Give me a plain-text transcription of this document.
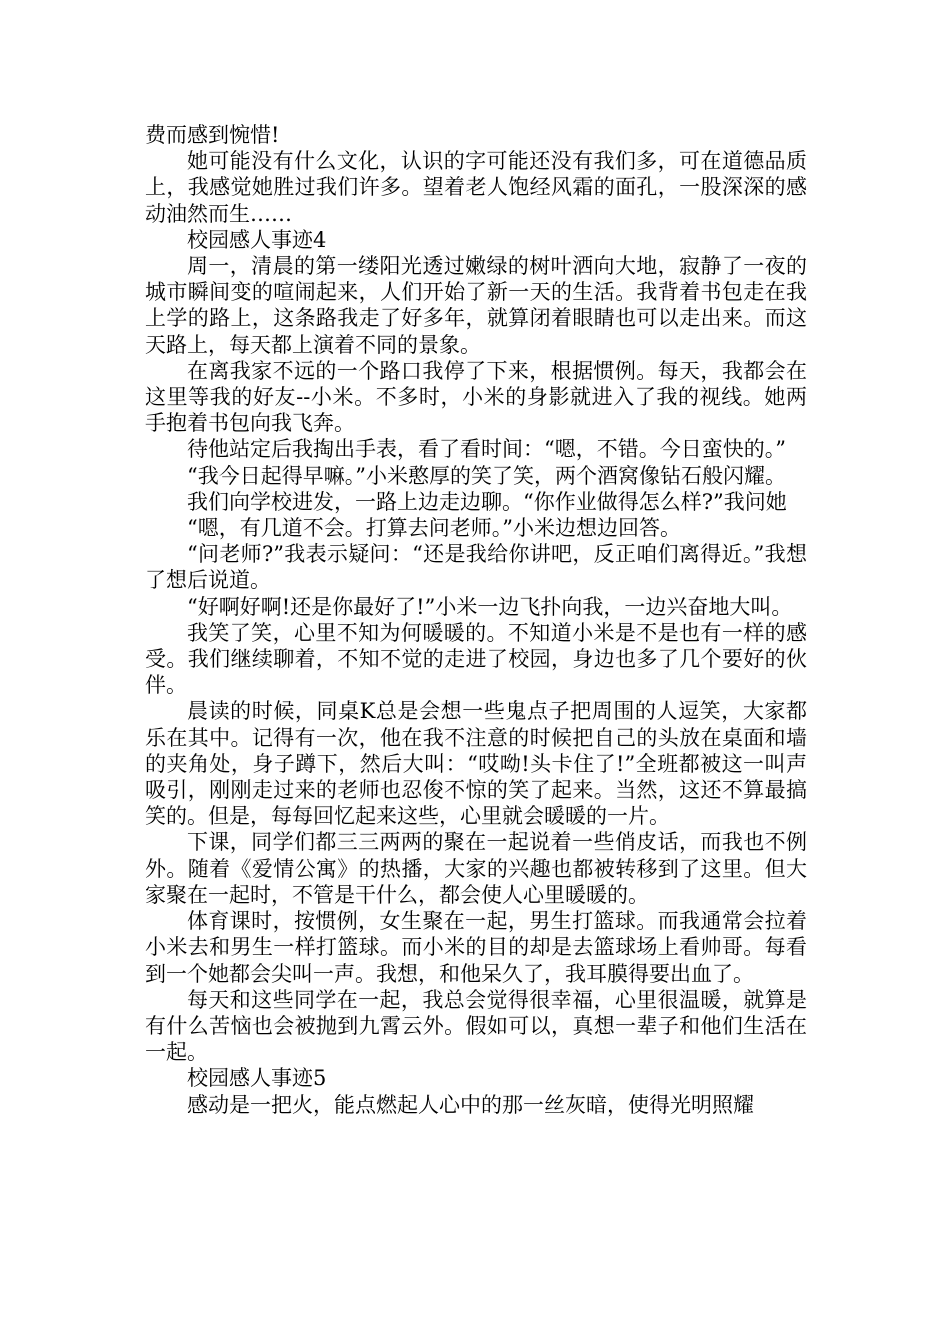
费而感到惋惜!

她可能没有什么文化，认识的字可能还没有我们多，可在道德品质上，我感觉她胜过我们许多。望着老人饱经风霜的面孔，一股深深的感动油然而生……

校园感人事迹4

周一，清晨的第一缕阳光透过嫩绿的树叶洒向大地，寂静了一夜的城市瞬间变的喧闹起来，人们开始了新一天的生活。我背着书包走在我上学的路上，这条路我走了好多年，就算闭着眼睛也可以走出来。而这天路上，每天都上演着不同的景象。

在离我家不远的一个路口我停了下来，根据惯例。每天，我都会在这里等我的好友--小米。不多时，小米的身影就进入了我的视线。她两手抱着书包向我飞奔。

待他站定后我掏出手表，看了看时间：“嗯，不错。今日蛮快的。”

“我今日起得早嘛。”小米憨厚的笑了笑，两个酒窝像钻石般闪耀。

我们向学校进发，一路上边走边聊。“你作业做得怎么样?”我问她

“嗯，有几道不会。打算去问老师。”小米边想边回答。

“问老师?”我表示疑问：“还是我给你讲吧，反正咱们离得近。”我想了想后说道。

“好啊好啊!还是你最好了!”小米一边飞扑向我，一边兴奋地大叫。

我笑了笑，心里不知为何暖暖的。不知道小米是不是也有一样的感受。我们继续聊着，不知不觉的走进了校园，身边也多了几个要好的伙伴。

晨读的时候，同桌K总是会想一些鬼点子把周围的人逗笑，大家都乐在其中。记得有一次，他在我不注意的时候把自己的头放在桌面和墙的夹角处，身子蹲下，然后大叫：“哎呦!头卡住了!”全班都被这一叫声吸引，刚刚走过来的老师也忍俊不惊的笑了起来。当然，这还不算最搞笑的。但是，每每回忆起来这些，心里就会暖暖的一片。

下课，同学们都三三两两的聚在一起说着一些俏皮话，而我也不例外。随着《爱情公寓》的热播，大家的兴趣也都被转移到了这里。但大家聚在一起时，不管是干什么，都会使人心里暖暖的。

体育课时，按惯例，女生聚在一起，男生打篮球。而我通常会拉着小米去和男生一样打篮球。而小米的目的却是去篮球场上看帅哥。每看到一个她都会尖叫一声。我想，和他呆久了，我耳膜得要出血了。

每天和这些同学在一起，我总会觉得很幸福，心里很温暖，就算是有什么苦恼也会被抛到九霄云外。假如可以，真想一辈子和他们生活在一起。

校园感人事迹5

感动是一把火，能点燃起人心中的那一丝灰暗，使得光明照耀
